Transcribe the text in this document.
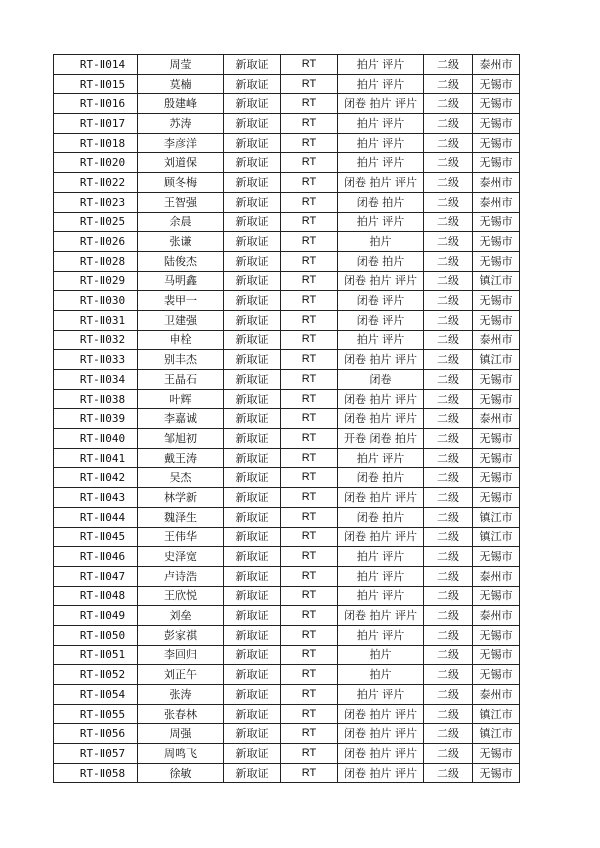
RT-Ⅱ014	周莹	新取证	RT	拍片 评片	二级	泰州市
RT-Ⅱ015	莫楠	新取证	RT	拍片 评片	二级	无锡市
RT-Ⅱ016	殷建峰	新取证	RT	闭卷 拍片 评片	二级	无锡市
RT-Ⅱ017	苏涛	新取证	RT	拍片 评片	二级	无锡市
RT-Ⅱ018	李彦洋	新取证	RT	拍片 评片	二级	无锡市
RT-Ⅱ020	刘道保	新取证	RT	拍片 评片	二级	无锡市
RT-Ⅱ022	顾冬梅	新取证	RT	闭卷 拍片 评片	二级	泰州市
RT-Ⅱ023	王智强	新取证	RT	闭卷 拍片	二级	泰州市
RT-Ⅱ025	余晨	新取证	RT	拍片 评片	二级	无锡市
RT-Ⅱ026	张谦	新取证	RT	拍片	二级	无锡市
RT-Ⅱ028	陆俊杰	新取证	RT	闭卷 拍片	二级	无锡市
RT-Ⅱ029	马明鑫	新取证	RT	闭卷 拍片 评片	二级	镇江市
RT-Ⅱ030	裴甲一	新取证	RT	闭卷 评片	二级	无锡市
RT-Ⅱ031	卫建强	新取证	RT	闭卷 评片	二级	无锡市
RT-Ⅱ032	申栓	新取证	RT	拍片 评片	二级	泰州市
RT-Ⅱ033	别丰杰	新取证	RT	闭卷 拍片 评片	二级	镇江市
RT-Ⅱ034	王晶石	新取证	RT	闭卷	二级	无锡市
RT-Ⅱ038	叶辉	新取证	RT	闭卷 拍片 评片	二级	无锡市
RT-Ⅱ039	李嘉诚	新取证	RT	闭卷 拍片 评片	二级	泰州市
RT-Ⅱ040	邹旭初	新取证	RT	开卷 闭卷 拍片	二级	无锡市
RT-Ⅱ041	戴王涛	新取证	RT	拍片 评片	二级	无锡市
RT-Ⅱ042	吴杰	新取证	RT	闭卷 拍片	二级	无锡市
RT-Ⅱ043	林学新	新取证	RT	闭卷 拍片 评片	二级	无锡市
RT-Ⅱ044	魏泽生	新取证	RT	闭卷 拍片	二级	镇江市
RT-Ⅱ045	王伟华	新取证	RT	闭卷 拍片 评片	二级	镇江市
RT-Ⅱ046	史泽宽	新取证	RT	拍片 评片	二级	无锡市
RT-Ⅱ047	卢诗浩	新取证	RT	拍片 评片	二级	泰州市
RT-Ⅱ048	王欣悦	新取证	RT	拍片 评片	二级	无锡市
RT-Ⅱ049	刘垒	新取证	RT	闭卷 拍片 评片	二级	泰州市
RT-Ⅱ050	彭家祺	新取证	RT	拍片 评片	二级	无锡市
RT-Ⅱ051	李回归	新取证	RT	拍片	二级	无锡市
RT-Ⅱ052	刘正午	新取证	RT	拍片	二级	无锡市
RT-Ⅱ054	张涛	新取证	RT	拍片 评片	二级	泰州市
RT-Ⅱ055	张春林	新取证	RT	闭卷 拍片 评片	二级	镇江市
RT-Ⅱ056	周强	新取证	RT	闭卷 拍片 评片	二级	镇江市
RT-Ⅱ057	周鸣飞	新取证	RT	闭卷 拍片 评片	二级	无锡市
RT-Ⅱ058	徐敏	新取证	RT	闭卷 拍片 评片	二级	无锡市
